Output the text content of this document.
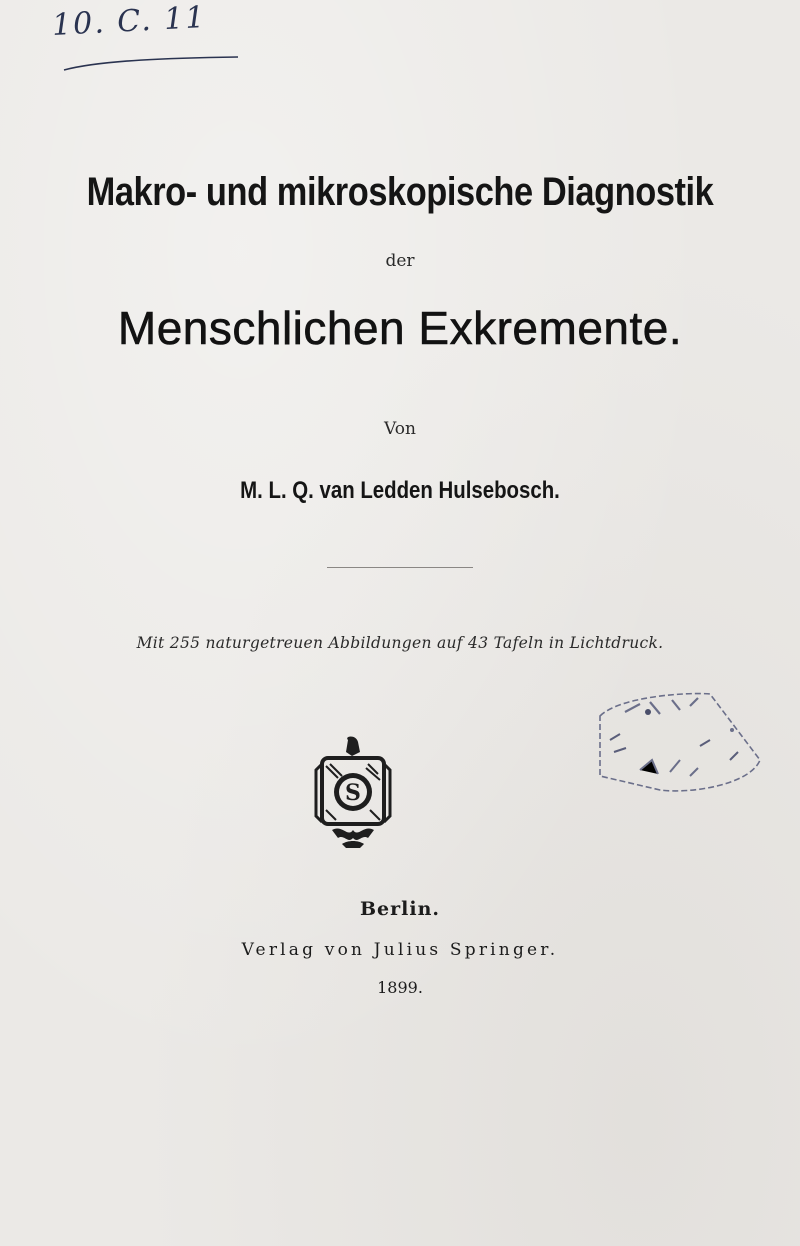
10. C. 11
Makro- und mikroskopische Diagnostik
der
Menschlichen Exkremente.
Von
M. L. Q. van Ledden Hulsebosch.
Mit 255 naturgetreuen Abbildungen auf 43 Tafeln in Lichtdruck.
S
Berlin.
Verlag von Julius Springer.
1899.
